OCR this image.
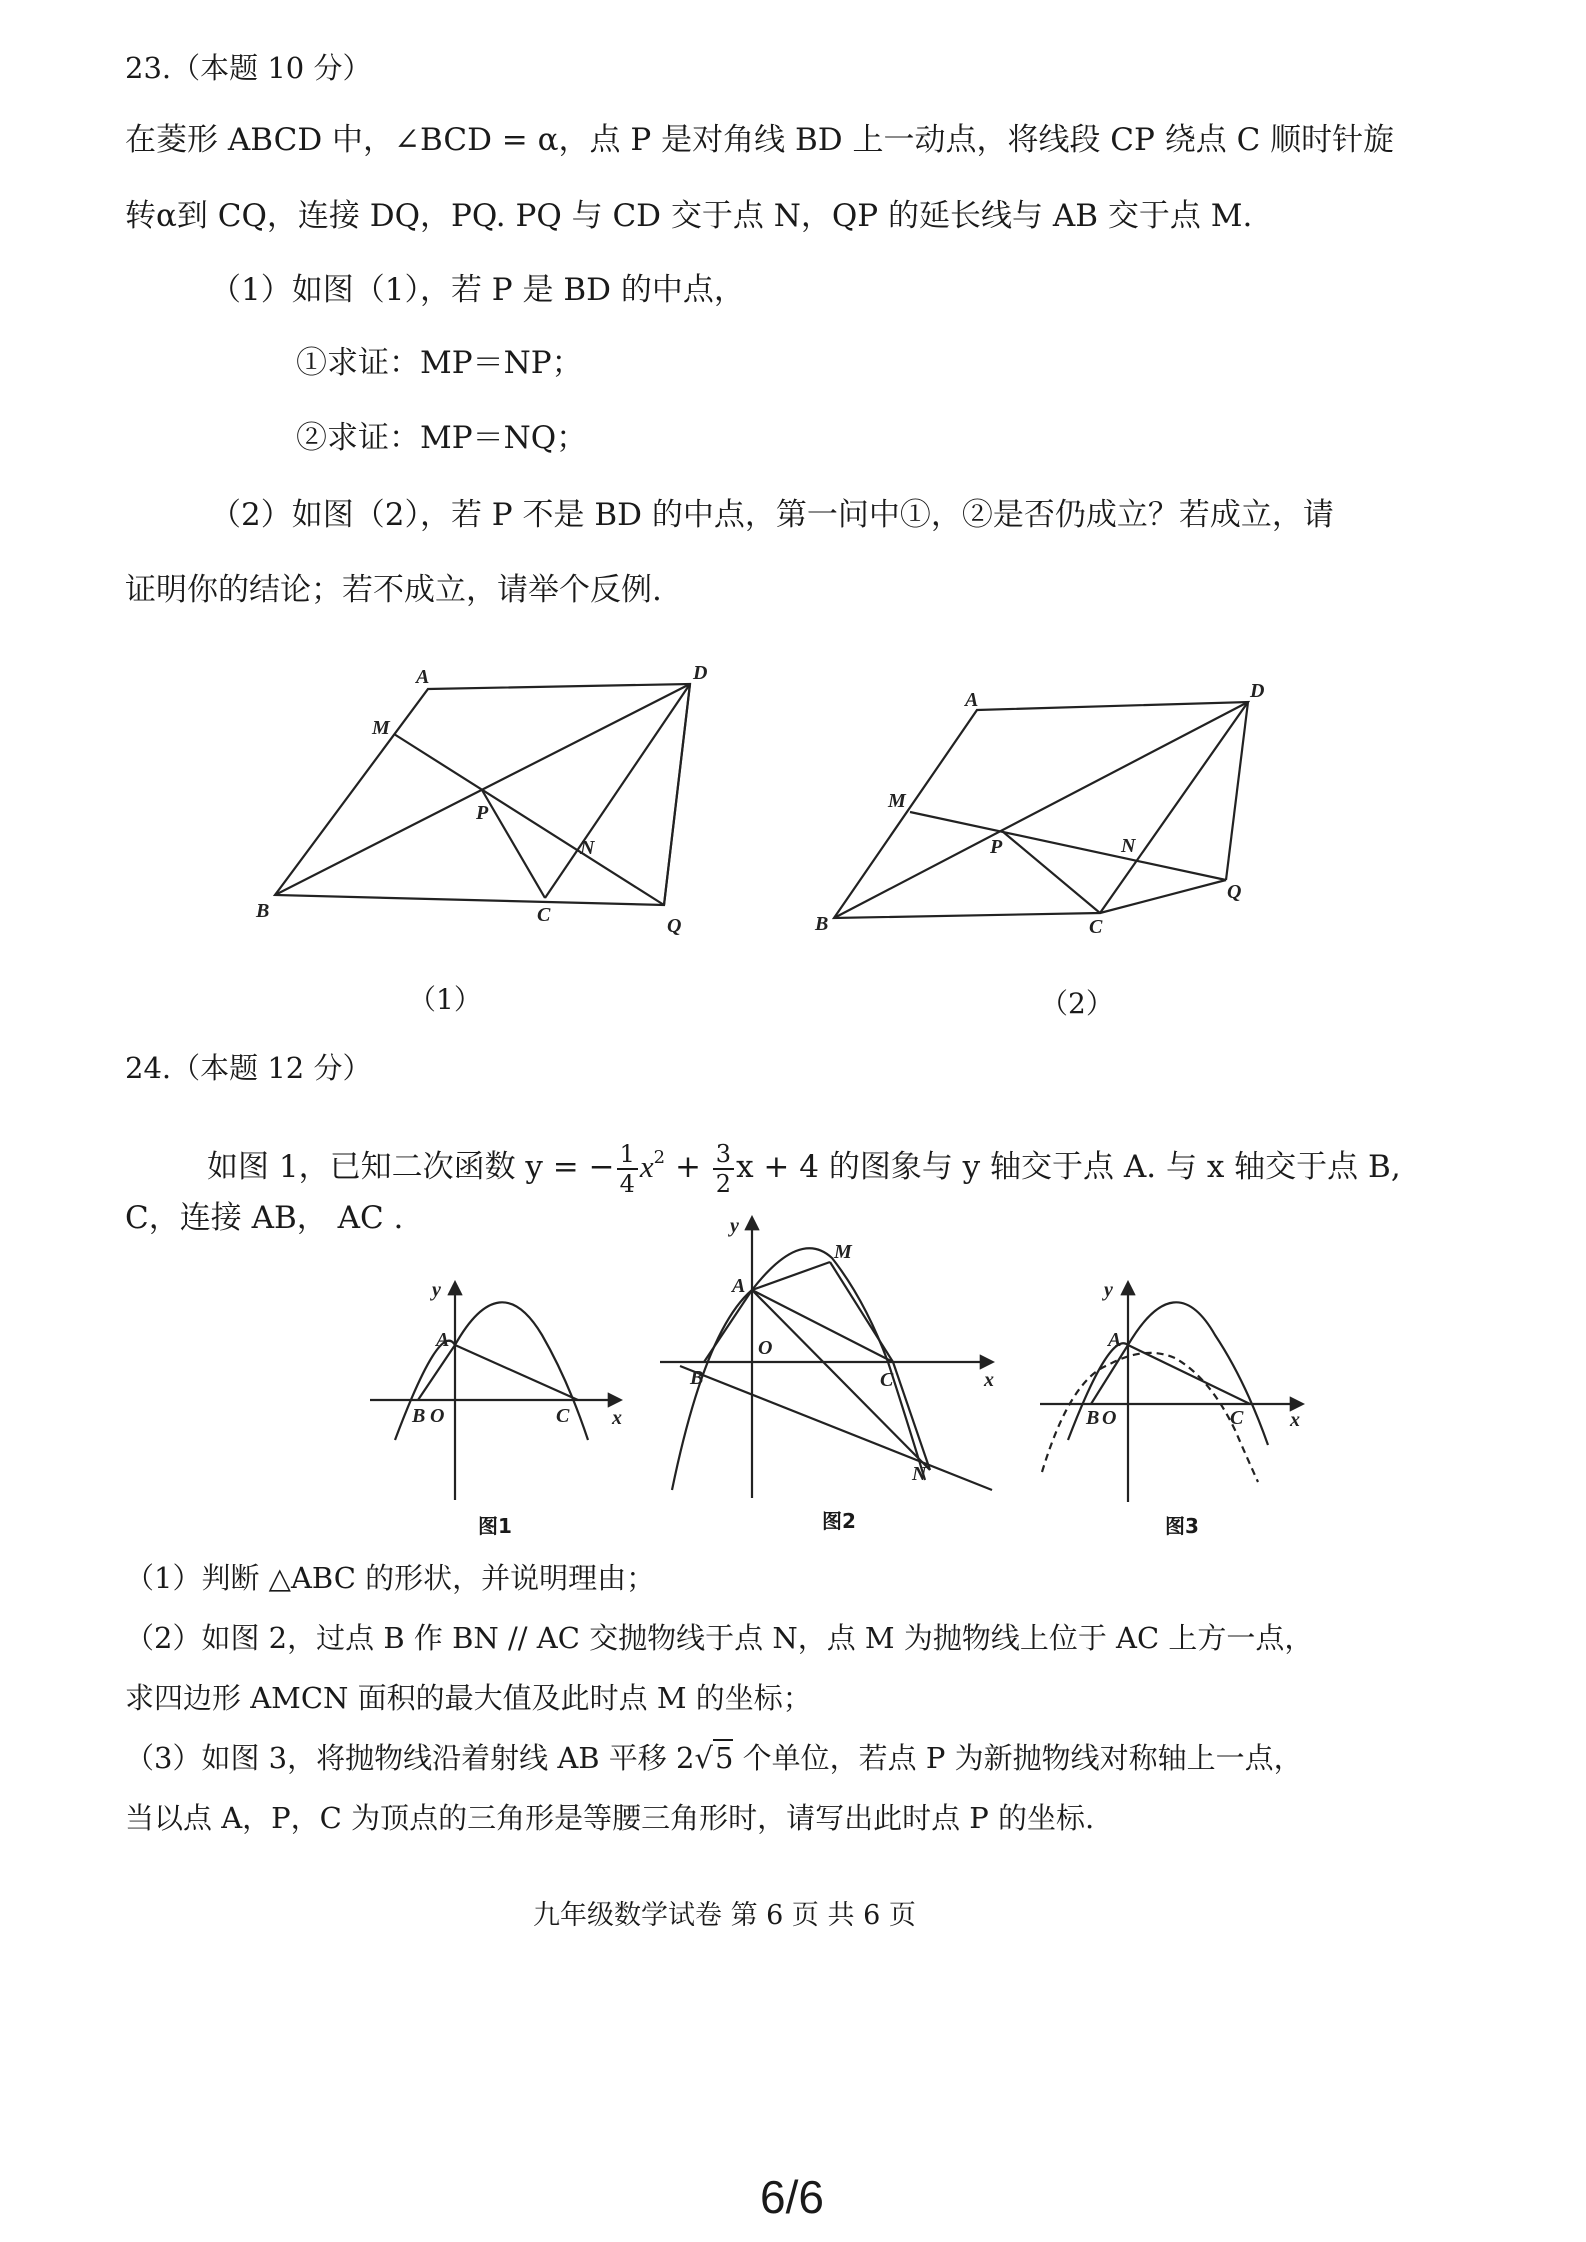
23.（本题 10 分）
在菱形 ABCD 中，∠BCD = α，点 P 是对角线 BD 上一动点，将线段 CP 绕点 C 顺时针旋
转α到 CQ，连接 DQ，PQ. PQ 与 CD 交于点 N，QP 的延长线与 AB 交于点 M.
（1）如图（1），若 P 是 BD 的中点，
①求证：MP＝NP；
②求证：MP＝NQ；
（2）如图（2），若 P 不是 BD 的中点，第一问中①，②是否仍成立？若成立，请
证明你的结论；若不成立，请举个反例.
A	D
M
P
N
B	C	Q
A	D
M
P	N
B	C
Q
（1）	（2）
24.（本题 12 分）
如图 1，已知二次函数 y = − $\frac{1}{4} x^2 + \frac{3}{2}$ x + 4 的图象与 y 轴交于点 A. 与 x 轴交于点 B,
C，连接 AB， AC .
y
A
B O	C x
y
M
A
O
B	C	x
N
y
A
B O	C x
图1	图2	图3
（1）判断 △ABC 的形状，并说明理由；
（2）如图 2，过点 B 作 BN // AC 交抛物线于点 N，点 M 为抛物线上位于 AC 上方一点，
求四边形 AMCN 面积的最大值及此时点 M 的坐标；
（3）如图 3，将抛物线沿着射线 AB 平移 2√5 个单位，若点 P 为新抛物线对称轴上一点，
当以点 A，P，C 为顶点的三角形是等腰三角形时，请写出此时点 P 的坐标.
九年级数学试卷 第 6 页 共 6 页
6/6
